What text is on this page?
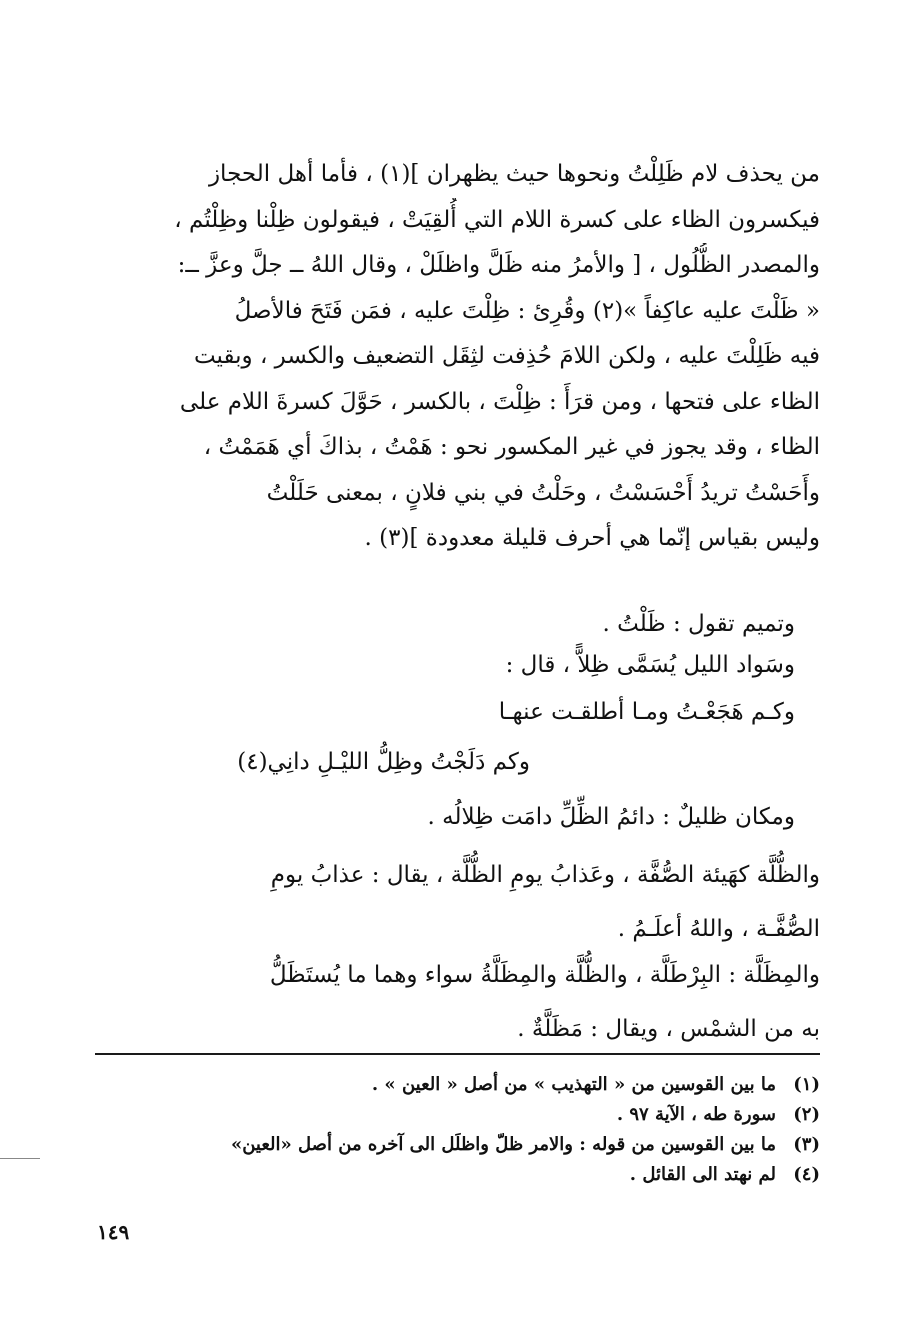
من يحذف لام ظَلِلْتُ ونحوها حيث يظهران ](١) ، فأما أهل الحجاز
فيكسرون الظاء على كسرة اللام التي أُلقِيَتْ ، فيقولون ظِلْنا وظِلْتُم ،
والمصدر الظُّلُول ، [ والأمرُ منه ظَلَّ واظلَلْ ، وقال اللهُ ــ جلَّ وعزَّ ــ:
« ظَلْتَ عليه عاكِفاً »(٢) وقُرِئ : ظِلْتَ عليه ، فمَن فَتَحَ فالأصلُ
فيه ظَلِلْتَ عليه ، ولكن اللامَ حُذِفت لثِقَل التضعيف والكسر ، وبقيت
الظاء على فتحها ، ومن قرَأَ : ظِلْتَ ، بالكسر ، حَوَّلَ كسرةَ اللام على
الظاء ، وقد يجوز في غير المكسور نحو : هَمْتُ ، بذاكَ أي هَمَمْتُ ،
وأَحَسْتُ تريدُ أَحْسَسْتُ ، وحَلْتُ في بني فلانٍ ، بمعنى حَلَلْتُ
وليس بقياس إنّما هي أحرف قليلة معدودة ](٣) .
وتميم تقول : ظَلْتُ .
وسَواد الليل يُسَمَّى ظِلاًّ ، قال :
وكـم هَجَعْـتُ ومـا أطلقـت عنهـا
وكم دَلَجْتُ وظِلُّ الليْـلِ دانِي(٤)
ومكان ظليلٌ : دائمُ الظِّلِّ دامَت ظِلالُه .
والظُّلَّة كهَيئة الصُّفَّة ، وعَذابُ يومِ الظُّلَّة ، يقال : عذابُ يومِ
الصُّفَّـة ، واللهُ أعلَـمُ .
والمِظَلَّة : البِرْطَلَّة ، والظُّلَّة والمِظَلَّةُ سواء وهما ما يُستَظَلُّ
به من الشمْس ، ويقال : مَظَلَّةٌ .
(١)
ما بين القوسين من « التهذيب » من أصل « العين » .
(٢)
سورة طه ، الآية ٩٧ .
(٣)
ما بين القوسين من قوله : والامر ظلّ واظلَل الى آخره من أصل «العين»
(٤)
لم نهتد الى القائل .
١٤٩
